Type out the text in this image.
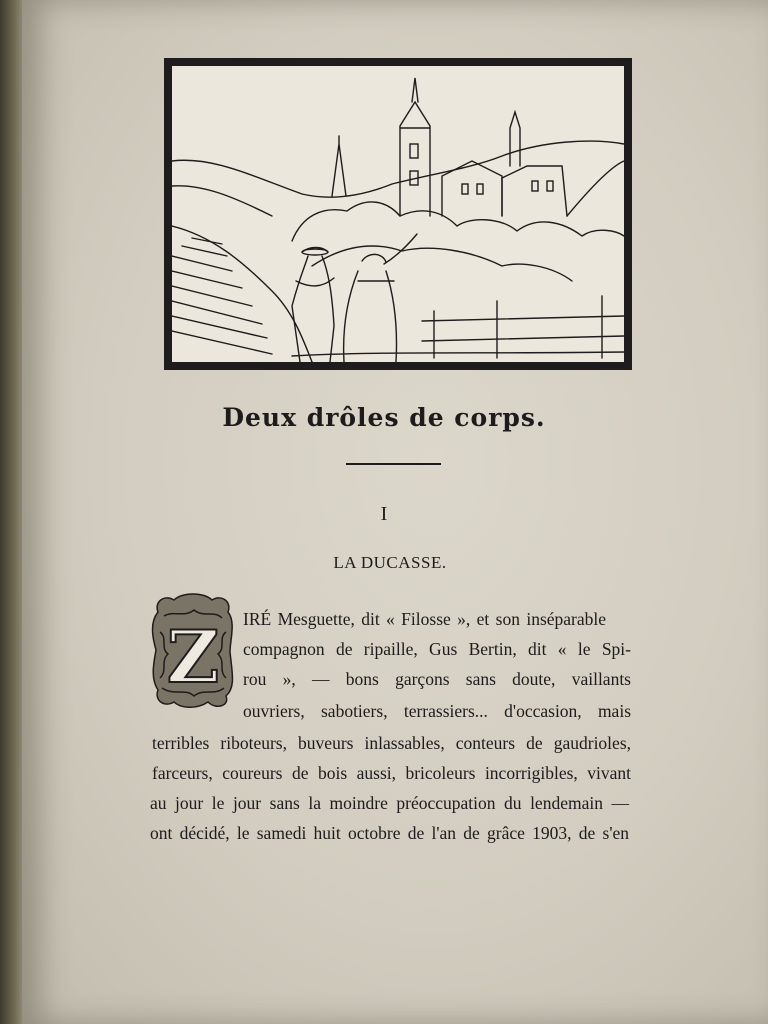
Deux drôles de corps.
I
LA DUCASSE.
Z IRÉ Mesguette, dit « Filosse », et son inséparable
compagnon de ripaille, Gus Bertin, dit « le Spi-
rou », — bons garçons sans doute, vaillants
ouvriers, sabotiers, terrassiers... d'occasion, mais
terribles riboteurs, buveurs inlassables, conteurs de gaudrioles,
farceurs, coureurs de bois aussi, bricoleurs incorrigibles, vivant
au jour le jour sans la moindre préoccupation du lendemain —
ont décidé, le samedi huit octobre de l'an de grâce 1903, de s'en
